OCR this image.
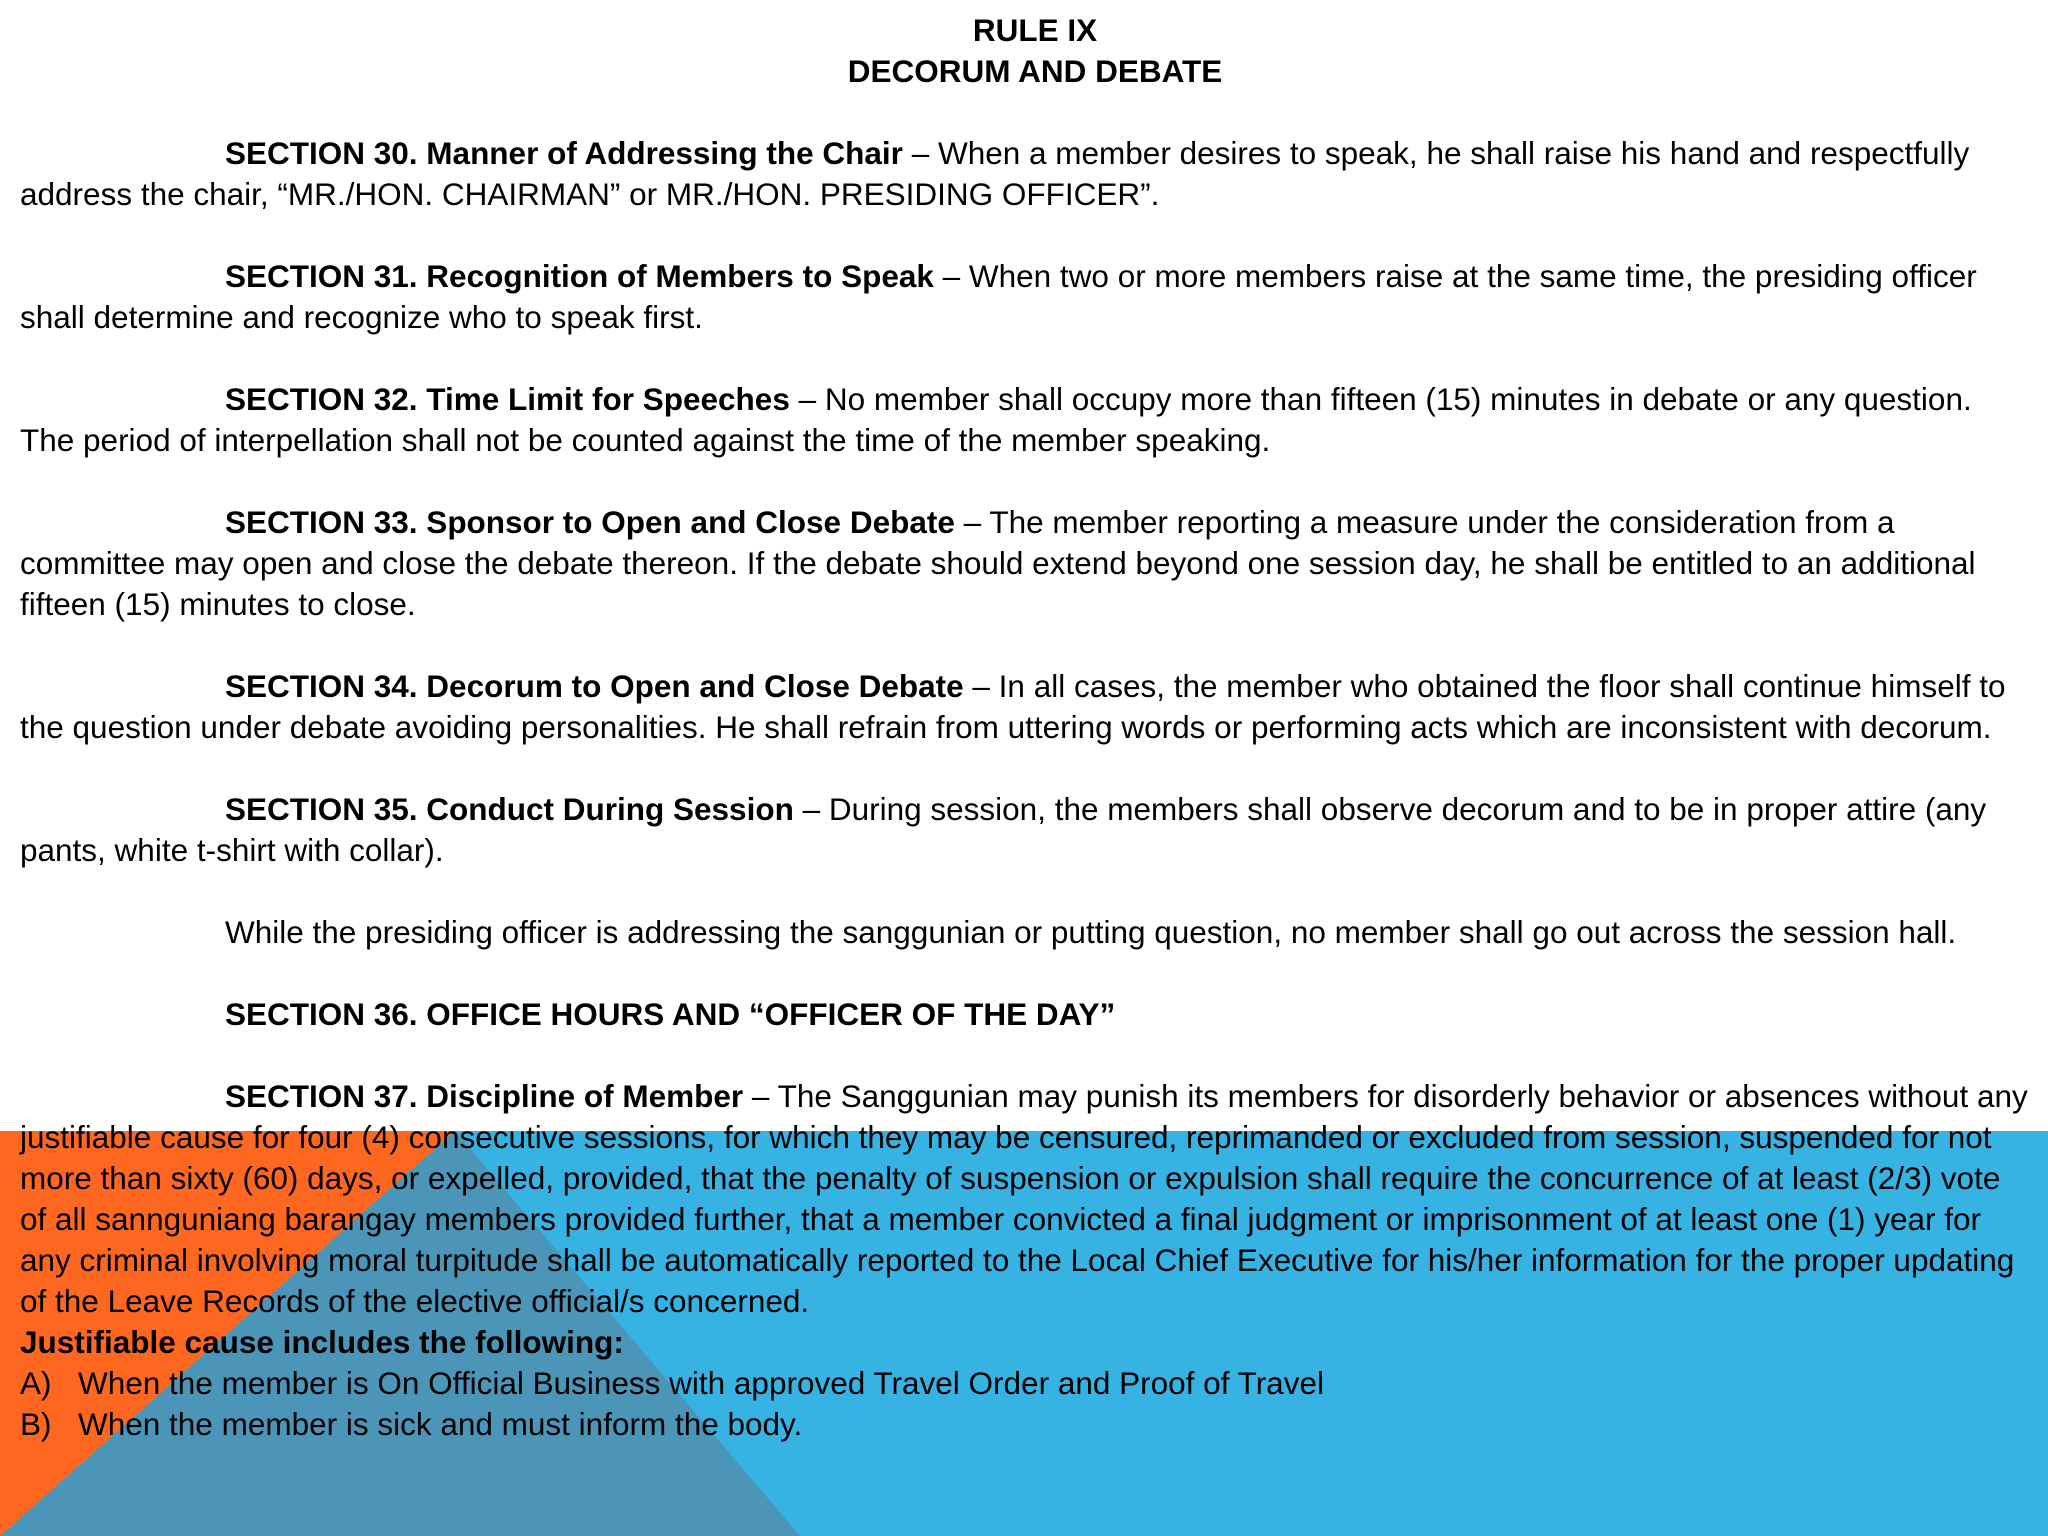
RULE IX

DECORUM AND DEBATE

SECTION 30. Manner of Addressing the Chair – When a member desires to speak, he shall raise his hand and respectfully address the chair, “MR./HON. CHAIRMAN” or MR./HON. PRESIDING OFFICER”.

SECTION 31. Recognition of Members to Speak – When two or more members raise at the same time, the presiding officer shall determine and recognize who to speak first.

SECTION 32. Time Limit for Speeches – No member shall occupy more than fifteen (15) minutes in debate or any question. The period of interpellation shall not be counted against the time of the member speaking.

SECTION 33. Sponsor to Open and Close Debate – The member reporting a measure under the consideration from a committee may open and close the debate thereon. If the debate should extend beyond one session day, he shall be entitled to an additional fifteen (15) minutes to close.

SECTION 34. Decorum to Open and Close Debate – In all cases, the member who obtained the floor shall continue himself to the question under debate avoiding personalities. He shall refrain from uttering words or performing acts which are inconsistent with decorum.

SECTION 35. Conduct During Session – During session, the members shall observe decorum and to be in proper attire (any pants, white t-shirt with collar).

While the presiding officer is addressing the sanggunian or putting question, no member shall go out across the session hall.

SECTION 36. OFFICE HOURS AND “OFFICER OF THE DAY”

SECTION 37. Discipline of Member – The Sanggunian may punish its members for disorderly behavior or absences without any justifiable cause for four (4) consecutive sessions, for which they may be censured, reprimanded or excluded from session, suspended for not more than sixty (60) days, or expelled, provided, that the penalty of suspension or expulsion shall require the concurrence of at least (2/3) vote of all sannguniang barangay members provided further, that a member convicted a final judgment or imprisonment of at least one (1) year for any criminal involving moral turpitude shall be automatically reported to the Local Chief Executive for his/her information for the proper updating of the Leave Records of the elective official/s concerned.

Justifiable cause includes the following:

A) When the member is On Official Business with approved Travel Order and Proof of Travel

B) When the member is sick and must inform the body.
